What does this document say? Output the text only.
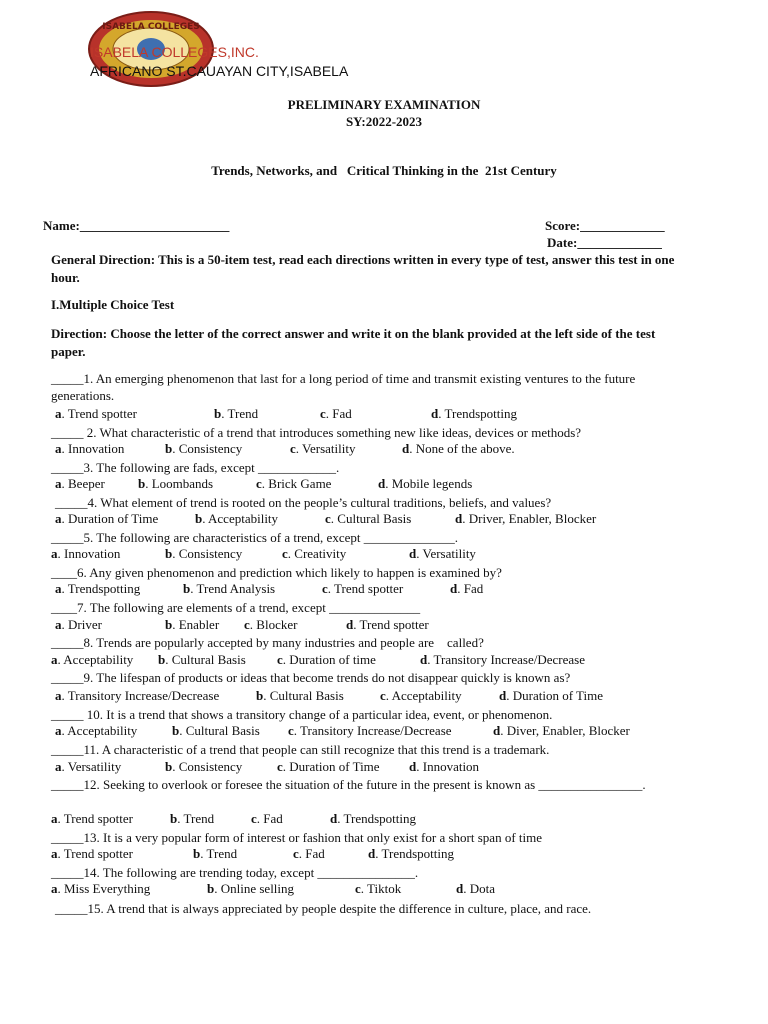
ISABELA COLLEGES
ISABELA COLLEGES,INC.
AFRICANO ST.CAUAYAN CITY,ISABELA
PRELIMINARY EXAMINATION
SY:2022-2023
Trends, Networks, and   Critical Thinking in the  21st Century
Name:_______________________	Score:_____________
Date:_____________
General Direction: This is a 50-item test, read each directions written in every type of test, answer this test in one hour.
I.Multiple Choice Test
Direction: Choose the letter of the correct answer and write it on the blank provided at the left side of the test paper.
_____1. An emerging phenomenon that last for a long period of time and transmit existing ventures to the future generations.
a. Trend spotter	b. Trend	c. Fad	d. Trendspotting
_____ 2. What characteristic of a trend that introduces something new like ideas, devices or methods?
a. Innovation	b. Consistency	c. Versatility	d. None of the above.
_____3. The following are fads, except ____________.
a. Beeper	b. Loombands	c. Brick Game	d. Mobile legends
_____4. What element of trend is rooted on the people’s cultural traditions, beliefs, and values?
a. Duration of Time	b. Acceptability	c. Cultural Basis	d. Driver, Enabler, Blocker
_____5. The following are characteristics of a trend, except ______________.
a. Innovation	b. Consistency	c. Creativity	d. Versatility
____6. Any given phenomenon and prediction which likely to happen is examined by?
a. Trendspotting	b. Trend Analysis	c. Trend spotter	d. Fad
____7. The following are elements of a trend, except ______________
a. Driver	b. Enabler c. Blocker	d. Trend spotter
_____8. Trends are popularly accepted by many industries and people are    called?
a. Acceptability b. Cultural Basis c. Duration of time	d. Transitory Increase/Decrease
_____9. The lifespan of products or ideas that become trends do not disappear quickly is known as?
a. Transitory Increase/Decrease	b. Cultural Basis	c. Acceptability	d. Duration of Time
_____ 10. It is a trend that shows a transitory change of a particular idea, event, or phenomenon.
a. Acceptability	b. Cultural Basis c. Transitory Increase/Decrease	d. Diver, Enabler, Blocker
_____11. A characteristic of a trend that people can still recognize that this trend is a trademark.
a. Versatility	b. Consistency	c. Duration of Time d. Innovation
_____12. Seeking to overlook or foresee the situation of the future in the present is known as ________________.
a. Trend spotter	b. Trend	c. Fad	d. Trendspotting
_____13. It is a very popular form of interest or fashion that only exist for a short span of time
a. Trend spotter	b. Trend	c. Fad	d. Trendspotting
_____14. The following are trending today, except _______________.
a. Miss Everything	b. Online selling	c. Tiktok	d. Dota
_____15. A trend that is always appreciated by people despite the difference in culture, place, and race.
